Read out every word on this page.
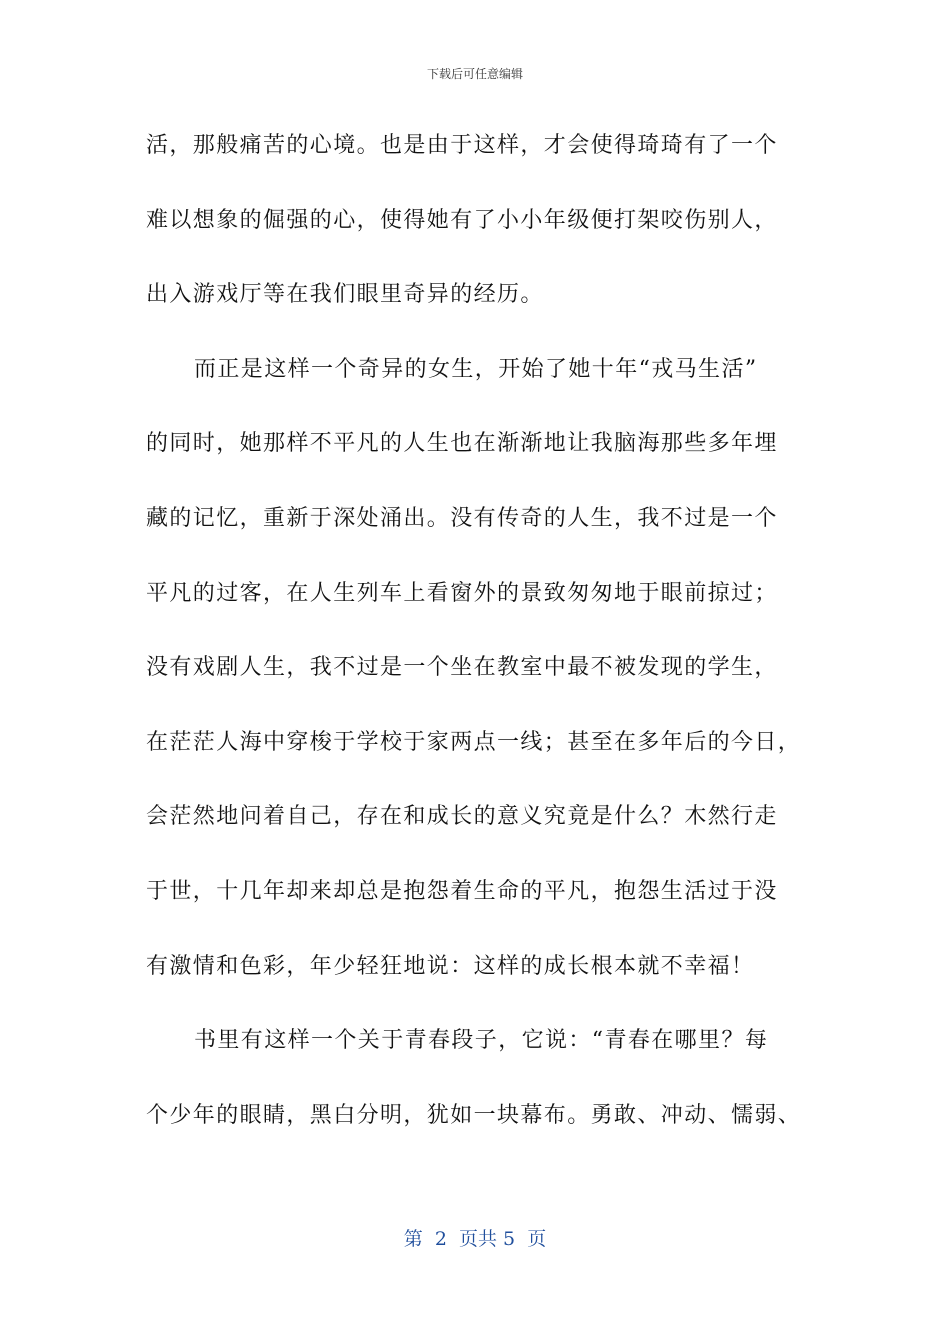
下载后可任意编辑
活，那般痛苦的心境。也是由于这样，才会使得琦琦有了一个
难以想象的倔强的心，使得她有了小小年级便打架咬伤别人，
出入游戏厅等在我们眼里奇异的经历。
而正是这样一个奇异的女生，开始了她十年“戎马生活”
的同时，她那样不平凡的人生也在渐渐地让我脑海那些多年埋
藏的记忆，重新于深处涌出。没有传奇的人生，我不过是一个
平凡的过客，在人生列车上看窗外的景致匆匆地于眼前掠过；
没有戏剧人生，我不过是一个坐在教室中最不被发现的学生，
在茫茫人海中穿梭于学校于家两点一线；甚至在多年后的今日，
会茫然地问着自己，存在和成长的意义究竟是什么？木然行走
于世，十几年却来却总是抱怨着生命的平凡，抱怨生活过于没
有激情和色彩，年少轻狂地说：这样的成长根本就不幸福！
书里有这样一个关于青春段子，它说：“青春在哪里？每
个少年的眼睛，黑白分明，犹如一块幕布。勇敢、冲动、懦弱、
第  2  页共 5  页
